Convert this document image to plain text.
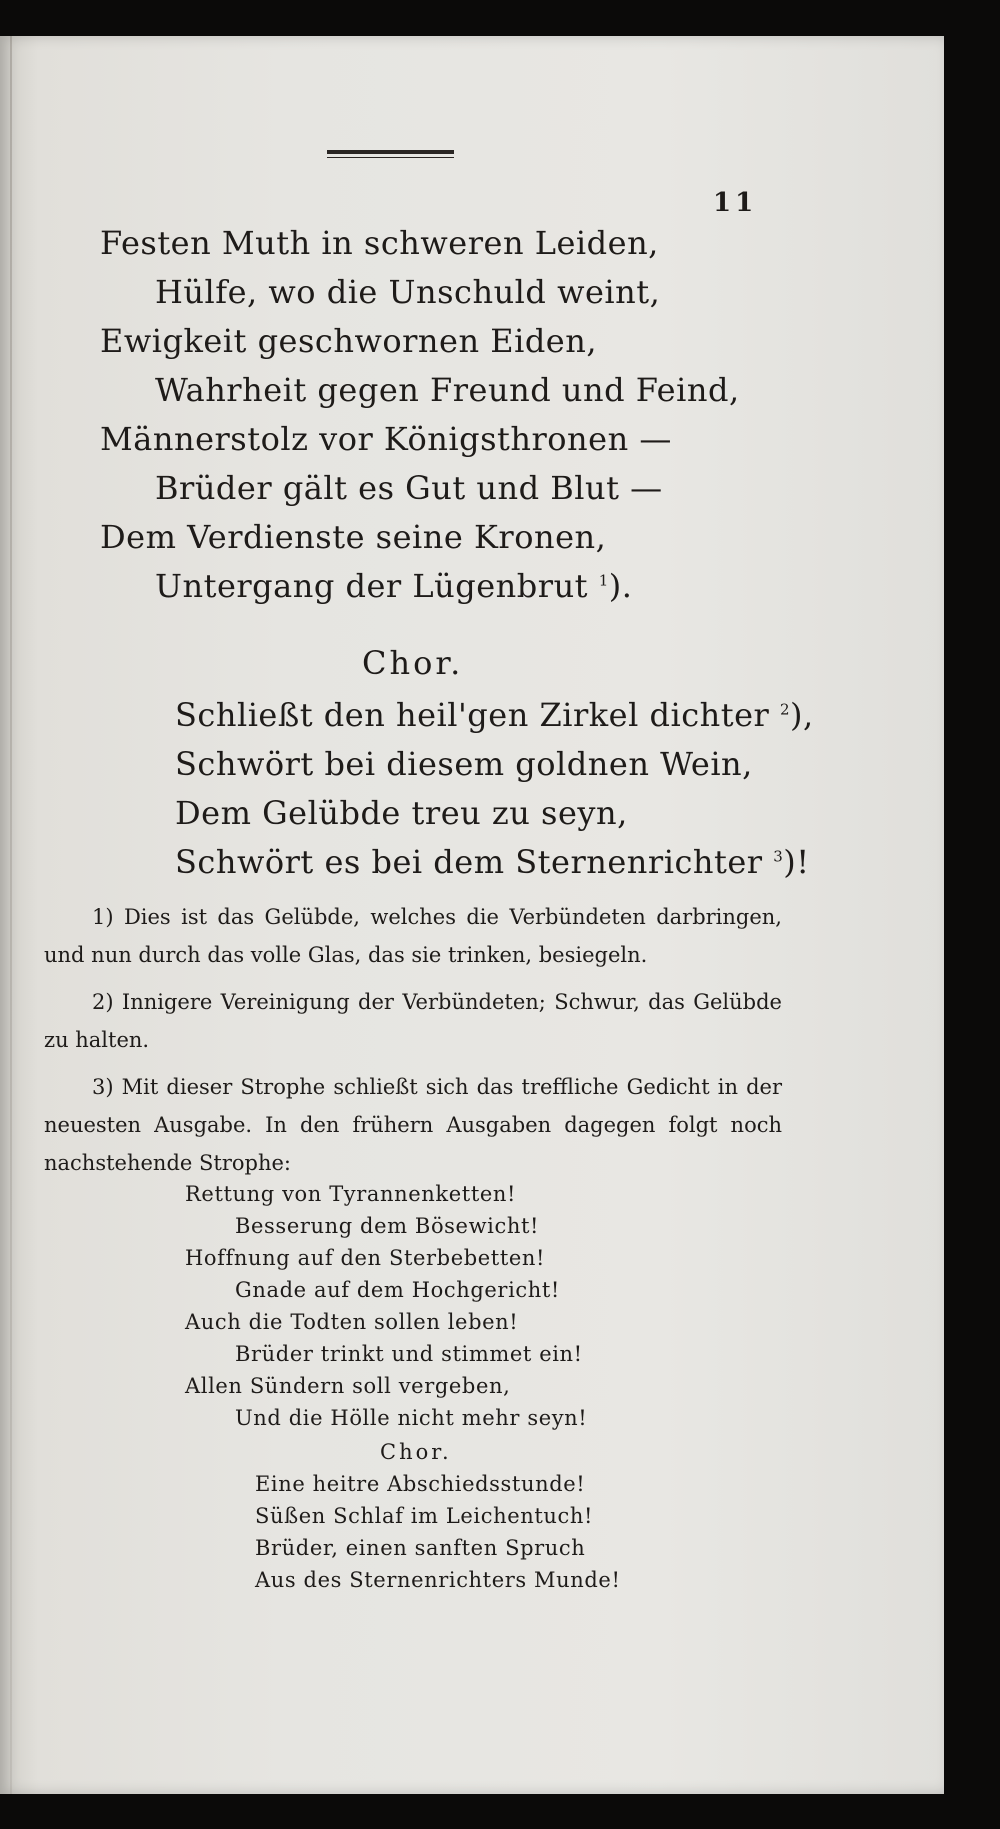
11
Festen Muth in schweren Leiden,
Hülfe, wo die Unschuld weint,
Ewigkeit geschwornen Eiden,
Wahrheit gegen Freund und Feind,
Männerstolz vor Königsthronen —
Brüder gält es Gut und Blut —
Dem Verdienste seine Kronen,
Untergang der Lügenbrut $^1$).
Chor.
Schließt den heil'gen Zirkel dichter $^2$),
Schwört bei diesem goldnen Wein,
Dem Gelübde treu zu seyn,
Schwört es bei dem Sternenrichter $^3$)!
1) Dies ist das Gelübde, welches die Verbündeten darbringen, und nun durch das volle Glas, das sie trinken, besiegeln.
2) Innigere Vereinigung der Verbündeten; Schwur, das Gelübde zu halten.
3) Mit dieser Strophe schließt sich das treffliche Gedicht in der neuesten Ausgabe. In den frühern Ausgaben dagegen folgt noch nachstehende Strophe:
Rettung von Tyrannenketten!
Besserung dem Bösewicht!
Hoffnung auf den Sterbebetten!
Gnade auf dem Hochgericht!
Auch die Todten sollen leben!
Brüder trinkt und stimmet ein!
Allen Sündern soll vergeben,
Und die Hölle nicht mehr seyn!
Chor.
Eine heitre Abschiedsstunde!
Süßen Schlaf im Leichentuch!
Brüder, einen sanften Spruch
Aus des Sternenrichters Munde!
